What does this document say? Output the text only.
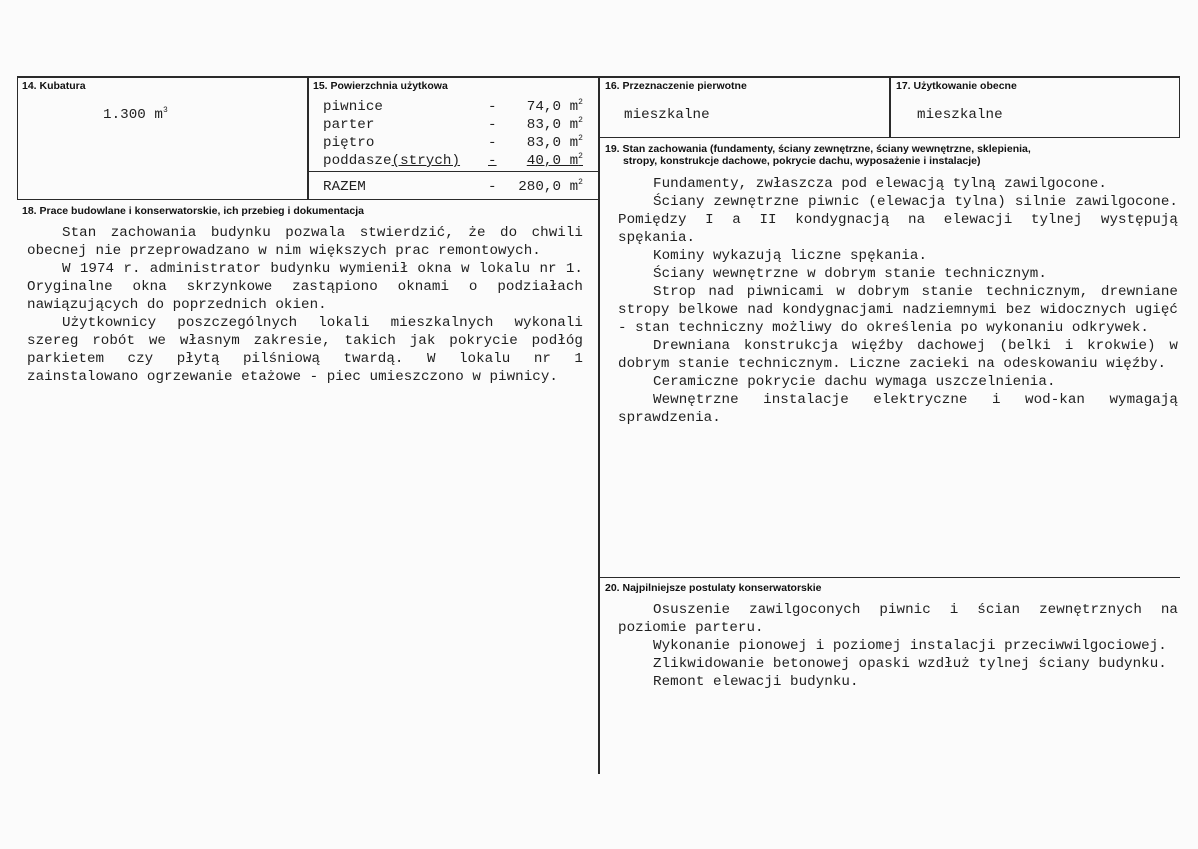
14. Kubatura
1.300 $m^3$
15. Powierzchnia użytkowa
piwnice	- 74,0 $m^2$
parter	- 83,0 $m^2$
piętro	- 83,0 $m^2$
poddasze(strych) - 40,0 $m^2$
RAZEM	- 280,0 $m^2$
16. Przeznaczenie pierwotne
mieszkalne
17. Użytkowanie obecne
mieszkalne
18. Prace budowlane i konserwatorskie, ich przebieg i dokumentacja

Stan zachowania budynku pozwala stwierdzić, że do chwili obecnej nie przeprowadzano w nim większych prac remontowych.

W 1974 r. administrator budynku wymienił okna w lokalu nr 1. Oryginalne okna skrzynkowe zastąpiono oknami o podziałach nawiązujących do poprzednich okien.

Użytkownicy poszczególnych lokali mieszkalnych wykonali szereg robót we własnym zakresie, takich jak pokrycie podłóg parkietem czy płytą pilśniową twardą. W lokalu nr 1 zainstalowano ogrzewanie etażowe - piec umieszczono w piwnicy.

19. Stan zachowania (fundamenty, ściany zewnętrzne, ściany wewnętrzne, sklepienia,
stropy, konstrukcje dachowe, pokrycie dachu, wyposażenie i instalacje)

Fundamenty, zwłaszcza pod elewacją tylną zawilgocone.

Ściany zewnętrzne piwnic (elewacja tylna) silnie zawilgocone. Pomiędzy I a II kondygnacją na elewacji tylnej występują spękania.

Kominy wykazują liczne spękania.

Ściany wewnętrzne w dobrym stanie technicznym.

Strop nad piwnicami w dobrym stanie technicznym, drewniane stropy belkowe nad kondygnacjami nadziemnymi bez widocznych ugięć - stan techniczny możliwy do określenia po wykonaniu odkrywek.

Drewniana konstrukcja więźby dachowej (belki i krokwie) w dobrym stanie technicznym. Liczne zacieki na odeskowaniu więźby.

Ceramiczne pokrycie dachu wymaga uszczelnienia.

Wewnętrzne instalacje elektryczne i wod-kan wymagają sprawdzenia.

20. Najpilniejsze postulaty konserwatorskie

Osuszenie zawilgoconych piwnic i ścian zewnętrznych na poziomie parteru.

Wykonanie pionowej i poziomej instalacji przeciwwilgociowej.

Zlikwidowanie betonowej opaski wzdłuż tylnej ściany budynku.

Remont elewacji budynku.
